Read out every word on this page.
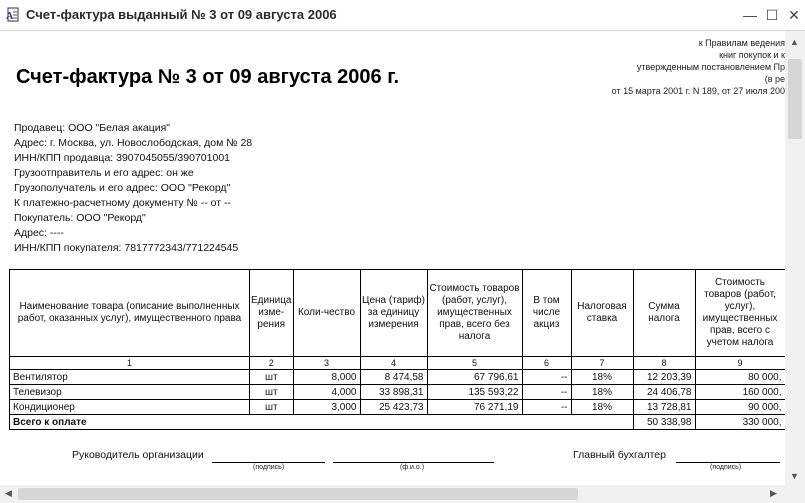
A Счет-фактура выданный № 3 от 09 августа 2006	— ☐ ✕
к Правилам ведения
книг покупок и к
утвержденным постановлением Пр
(в ре
от 15 марта 2001 г. N 189, от 27 июля 200
Счет-фактура № 3 от 09 августа 2006 г.
Продавец: ООО "Белая акация"
Адрес: г. Москва, ул. Новослободская, дом № 28
ИНН/КПП продавца: 3907045055/390701001
Грузоотправитель и его адрес: он же
Грузополучатель и его адрес: ООО "Рекорд"
К платежно-расчетному документу № -- от --
Покупатель: ООО "Рекорд"
Адрес: ----
ИНН/КПП покупателя: 7817772343/771224545
Наименование товара (описание выполненных работ, оказанных услуг), имущественного права	Единица изме-рения	Коли-чество	Цена (тариф) за единицу измерения	Стоимость товаров (работ, услуг), имущественных прав, всего без налога	В том числе акциз	Налоговая ставка	Сумма налога	Стоимость товаров (работ, услуг), имущественных прав, всего с учетом налога
1	2	3	4	5	6	7	8	9
Вентилятор	шт	8,000	8 474,58	67 796,61	--	18%	12 203,39	80 000,
Телевизор	шт	4,000	33 898,31	135 593,22	--	18%	24 406,78	160 000,
Кондиционер	шт	3,000	25 423,73	76 271,19	--	18%	13 728,81	90 000,
Всего к оплате							50 338,98	330 000,
Руководитель организации
(подпись)	(ф.и.о.)
Главный бухгалтер
(подпись)
▲
▼
◀	▶
